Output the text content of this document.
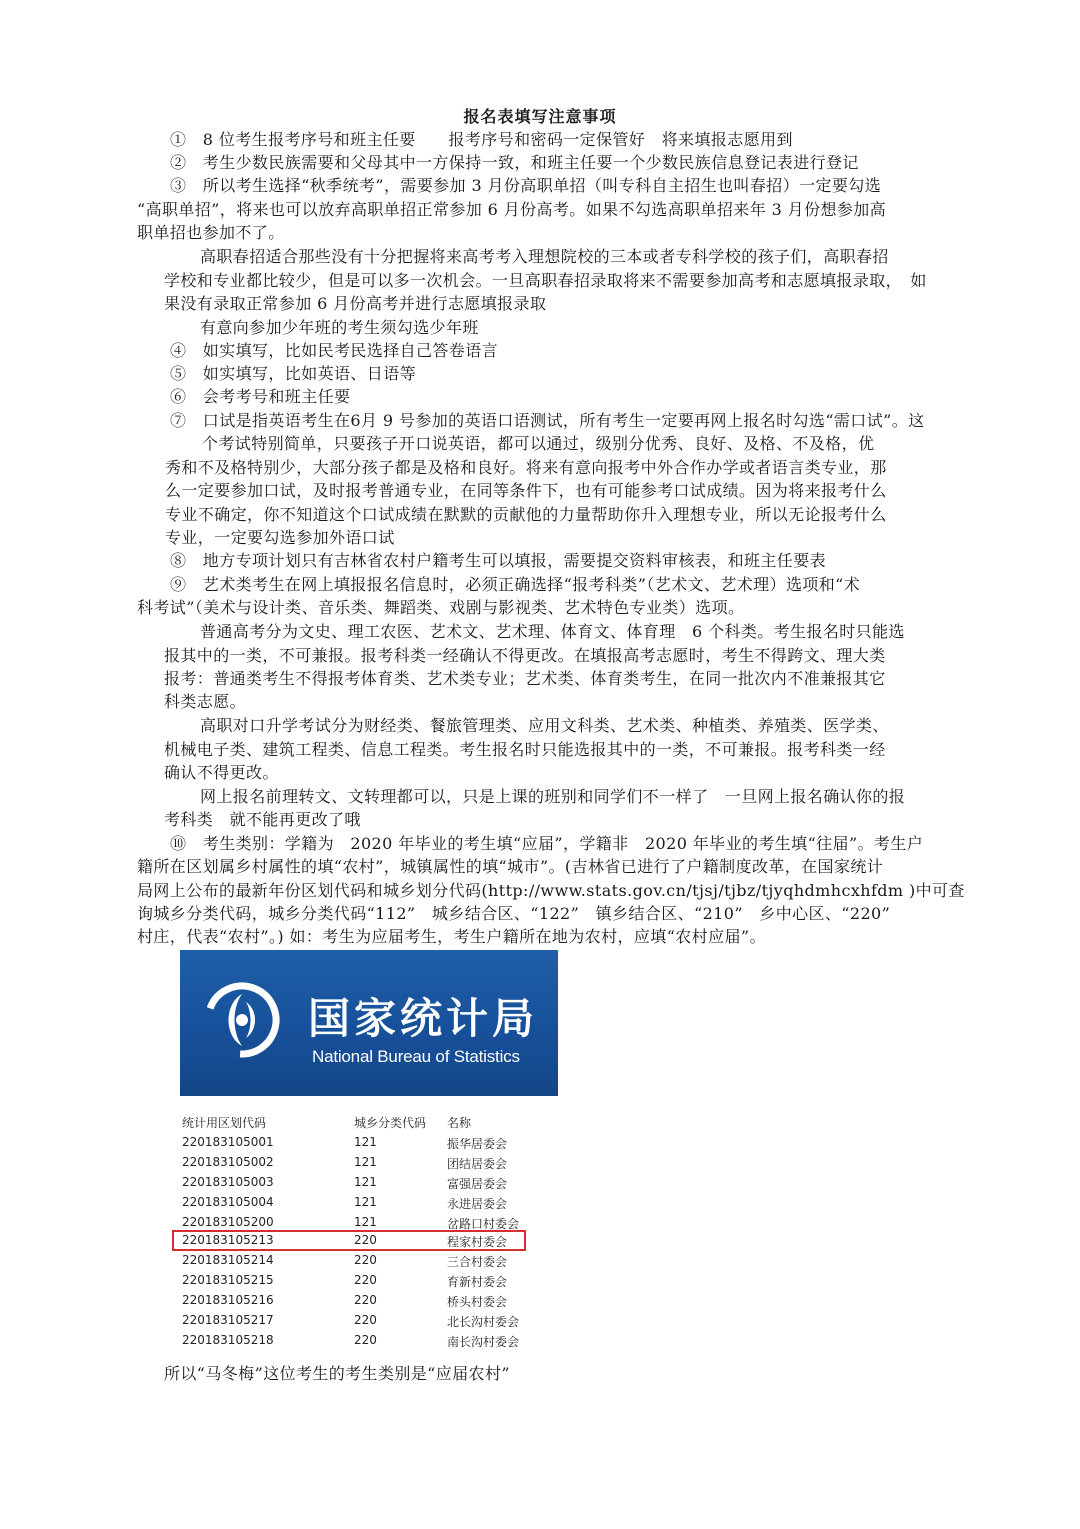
报名表填写注意事项
①　8 位考生报考序号和班主任要　　报考序号和密码一定保管好　将来填报志愿用到
②　考生少数民族需要和父母其中一方保持一致，和班主任要一个少数民族信息登记表进行登记
③　所以考生选择“秋季统考”，需要参加 3 月份高职单招（叫专科自主招生也叫春招）一定要勾选
“高职单招”，将来也可以放弃高职单招正常参加 6 月份高考。如果不勾选高职单招来年 3 月份想参加高
职单招也参加不了。
高职春招适合那些没有十分把握将来高考考入理想院校的三本或者专科学校的孩子们，高职春招
学校和专业都比较少，但是可以多一次机会。一旦高职春招录取将来不需要参加高考和志愿填报录取，　如
果没有录取正常参加 6 月份高考并进行志愿填报录取
有意向参加少年班的考生须勾选少年班
④　如实填写，比如民考民选择自己答卷语言
⑤　如实填写，比如英语、日语等
⑥　会考考号和班主任要
⑦　口试是指英语考生在6月 9 号参加的英语口语测试，所有考生一定要再网上报名时勾选“需口试”。这
个考试特别简单，只要孩子开口说英语，都可以通过，级别分优秀、良好、及格、不及格，优
秀和不及格特别少，大部分孩子都是及格和良好。将来有意向报考中外合作办学或者语言类专业，那
么一定要参加口试，及时报考普通专业，在同等条件下，也有可能参考口试成绩。因为将来报考什么
专业不确定，你不知道这个口试成绩在默默的贡献他的力量帮助你升入理想专业，所以无论报考什么
专业，一定要勾选参加外语口试
⑧　地方专项计划只有吉林省农村户籍考生可以填报，需要提交资料审核表，和班主任要表
⑨　艺术类考生在网上填报报名信息时，必须正确选择“报考科类”（艺术文、艺术理）选项和“术
科考试”（美术与设计类、音乐类、舞蹈类、戏剧与影视类、艺术特色专业类）选项。
普通高考分为文史、理工农医、艺术文、艺术理、体育文、体育理　6 个科类。考生报名时只能选
报其中的一类，不可兼报。报考科类一经确认不得更改。在填报高考志愿时，考生不得跨文、理大类
报考：普通类考生不得报考体育类、艺术类专业；艺术类、体育类考生，在同一批次内不准兼报其它
科类志愿。
高职对口升学考试分为财经类、餐旅管理类、应用文科类、艺术类、种植类、养殖类、医学类、
机械电子类、建筑工程类、信息工程类。考生报名时只能选报其中的一类，不可兼报。报考科类一经
确认不得更改。
网上报名前理转文、文转理都可以，只是上课的班别和同学们不一样了　一旦网上报名确认你的报
考科类　就不能再更改了哦
⑩　考生类别：学籍为　2020 年毕业的考生填“应届”，学籍非　2020 年毕业的考生填“往届”。考生户
籍所在区划属乡村属性的填“农村”，城镇属性的填“城市”。(吉林省已进行了户籍制度改革，在国家统计
局网上公布的最新年份区划代码和城乡划分代码(http://www.stats.gov.cn/tjsj/tjbz/tjyqhdmhcxhfdm )中可查
询城乡分类代码，城乡分类代码“112”　城乡结合区、“122”　镇乡结合区、“210”　乡中心区、“220”
村庄，代表“农村”。) 如：考生为应届考生，考生户籍所在地为农村，应填“农村应届”。
国家统计局
National Bureau of Statistics
统计用区划代码	城乡分类代码 名称
220183105001	121	振华居委会
220183105002	121	团结居委会
220183105003	121	富强居委会
220183105004	121	永进居委会
220183105200	121	岔路口村委会
220183105213	220	程家村委会
220183105214	220	三合村委会
220183105215	220	育新村委会
220183105216	220	桥头村委会
220183105217	220	北长沟村委会
220183105218	220	南长沟村委会
所以“马冬梅”这位考生的考生类别是“应届农村”
